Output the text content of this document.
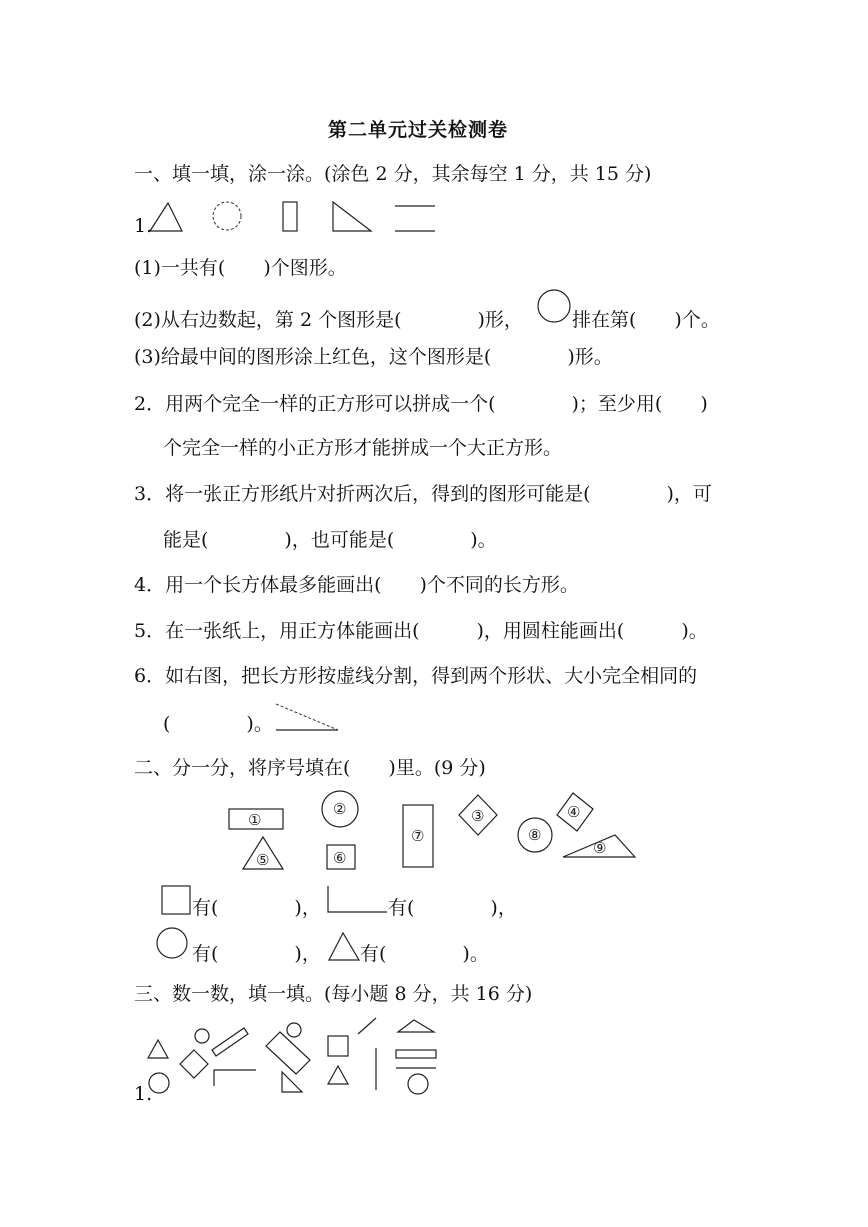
第二单元过关检测卷
一、填一填，涂一涂。(涂色 2 分，其余每空 1 分，共 15 分)
1.
(1)一共有(　　)个图形。
(2)从右边数起，第 2 个图形是(　　　　)形，	排在第(　　)个。
(3)给最中间的图形涂上红色，这个图形是(　　　　)形。
2．用两个完全一样的正方形可以拼成一个(　　　　)；至少用(　　)
个完全一样的小正方形才能拼成一个大正方形。
3．将一张正方形纸片对折两次后，得到的图形可能是(　　　　)，可
能是(　　　　)，也可能是(　　　　)。
4．用一个长方体最多能画出(　　)个不同的长方形。
5．在一张纸上，用正方体能画出(　　　)，用圆柱能画出(　　　)。
6．如右图，把长方形按虚线分割，得到两个形状、大小完全相同的
(　　　　)。
二、分一分，将序号填在(　　)里。(9 分)
①
⑤
②
⑥
⑦
③
⑧
④
⑨
有(　　　　)，	有(　　　　)，
有(　　　　)， 有(　　　　)。
三、数一数，填一填。(每小题 8 分，共 16 分)
1.
